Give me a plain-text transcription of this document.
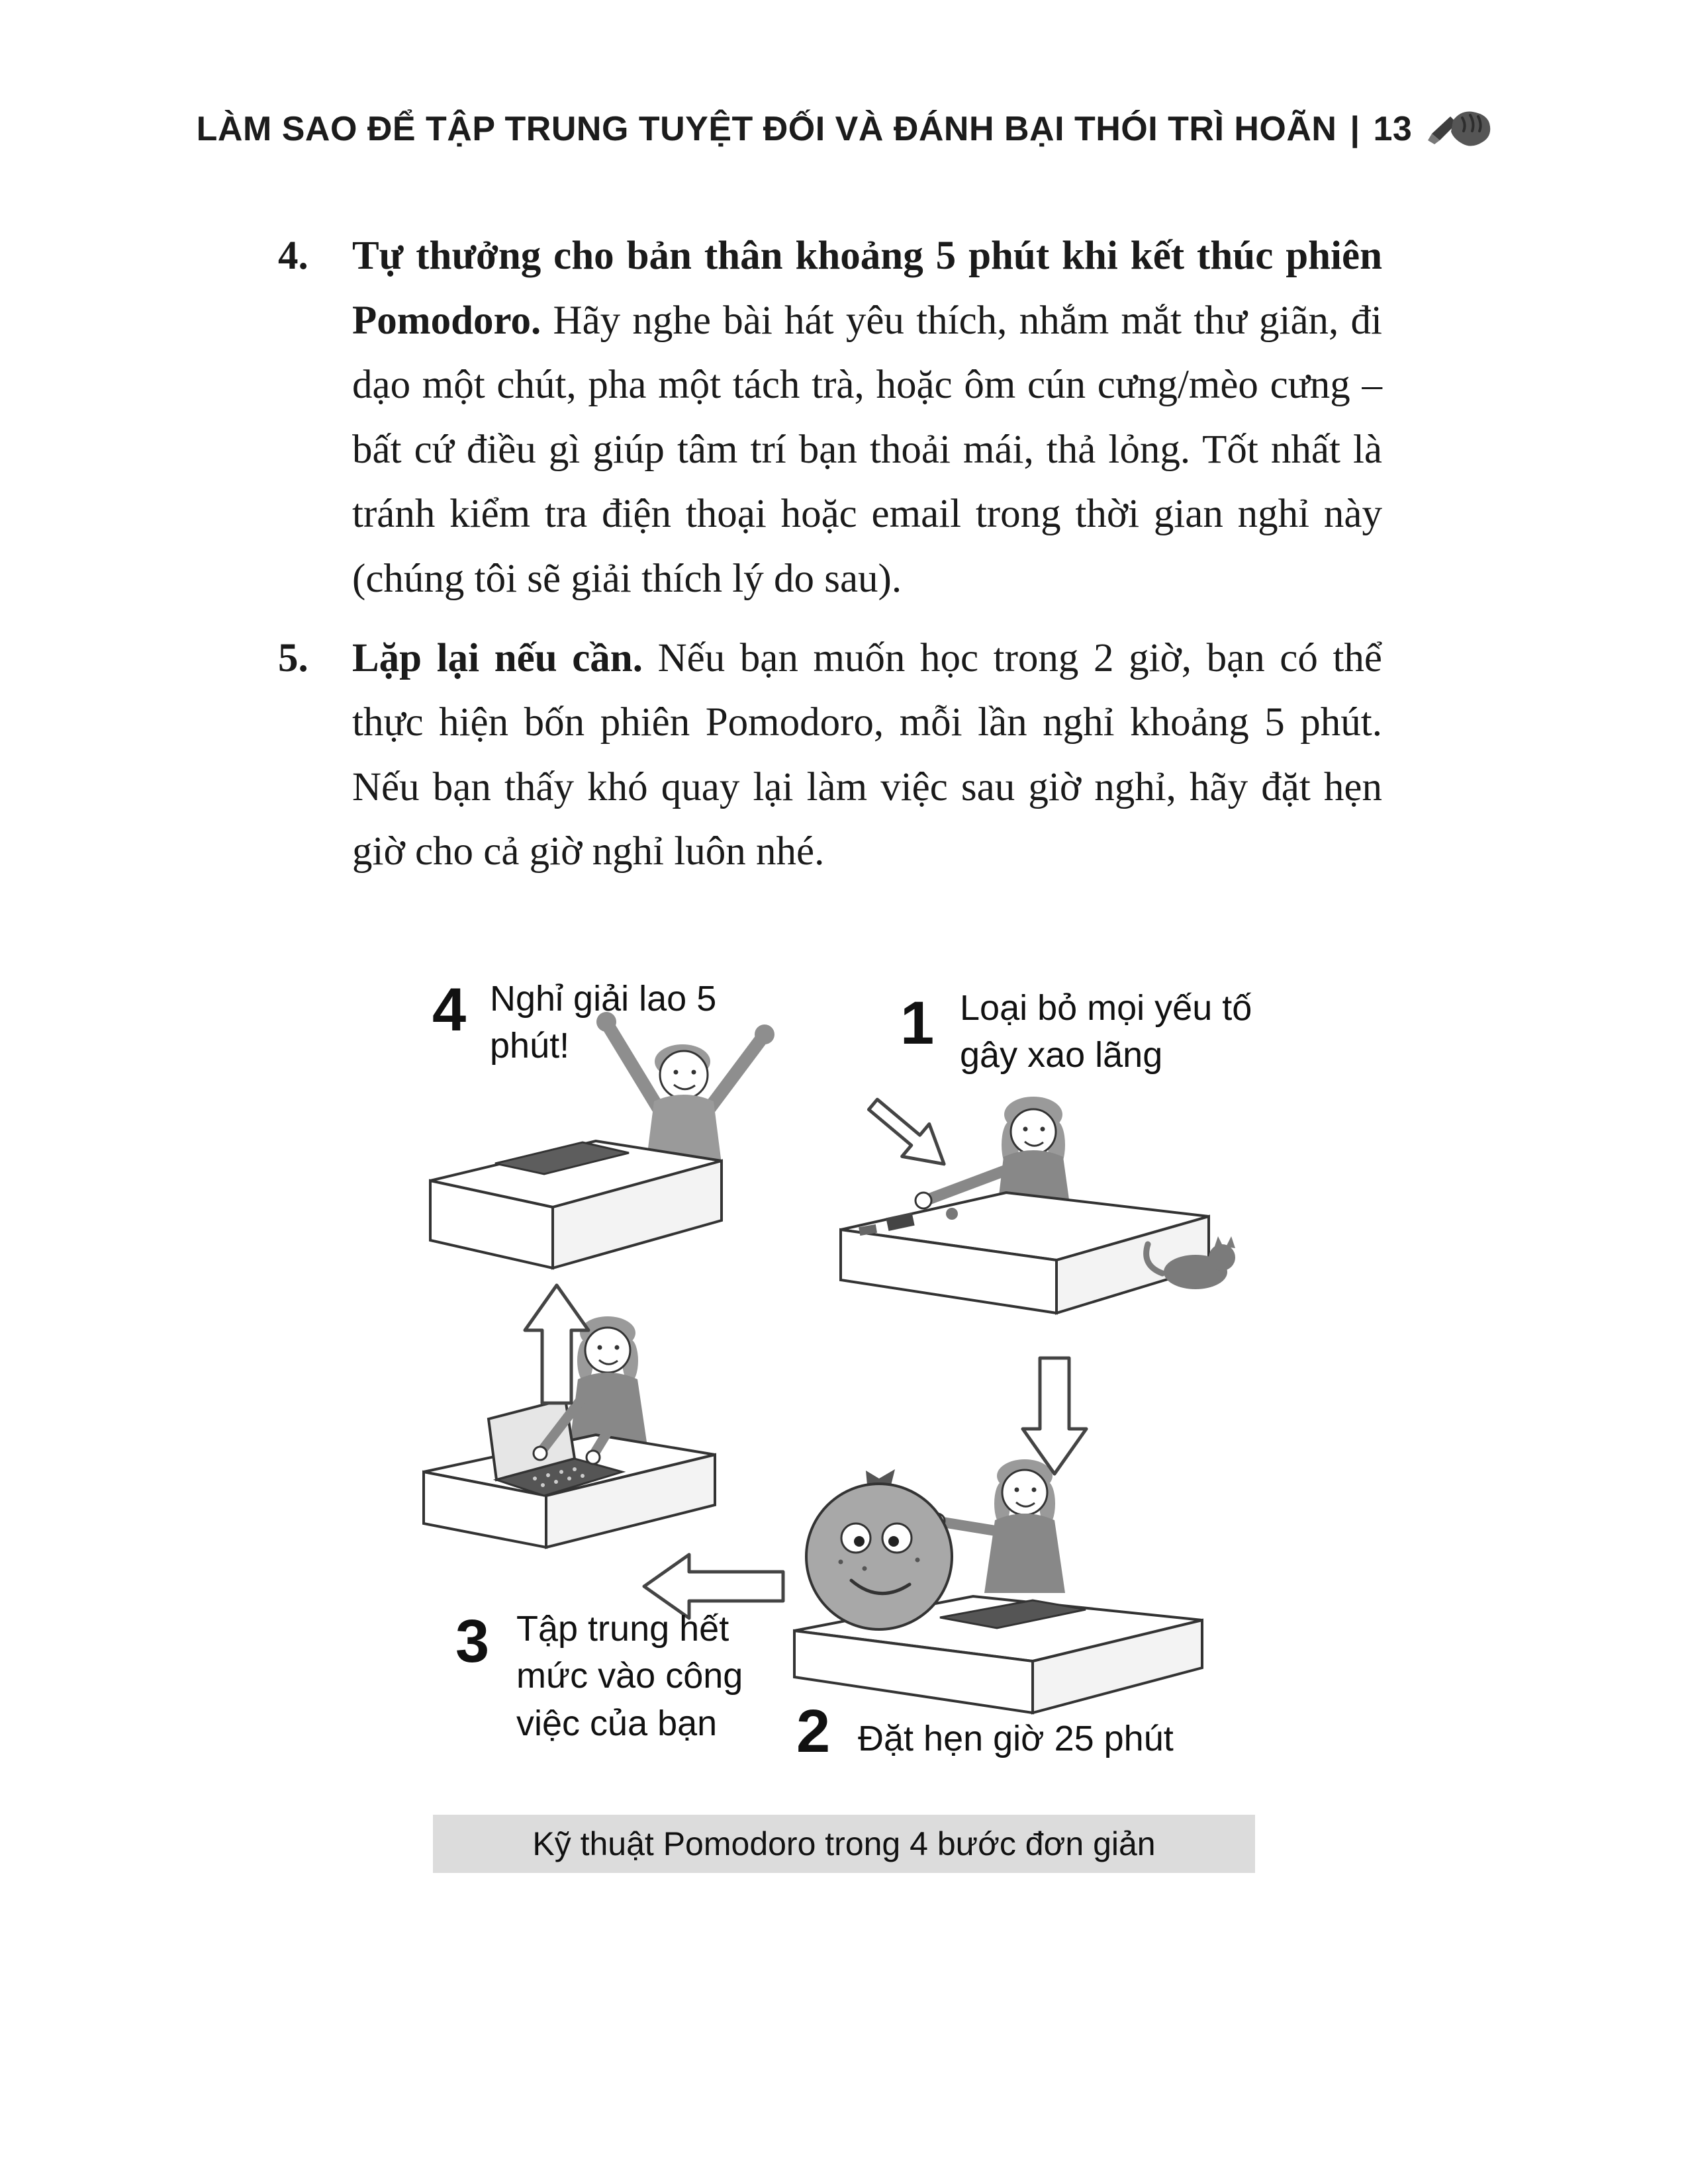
LÀM SAO ĐỂ TẬP TRUNG TUYỆT ĐỐI VÀ ĐÁNH BẠI THÓI TRÌ HOÃN | 13
4.	Tự thưởng cho bản thân khoảng 5 phút khi kết thúc phiên Pomodoro. Hãy nghe bài hát yêu thích, nhắm mắt thư giãn, đi dạo một chút, pha một tách trà, hoặc ôm cún cưng/mèo cưng – bất cứ điều gì giúp tâm trí bạn thoải mái, thả lỏng. Tốt nhất là tránh kiểm tra điện thoại hoặc email trong thời gian nghỉ này (chúng tôi sẽ giải thích lý do sau).
5.	Lặp lại nếu cần. Nếu bạn muốn học trong 2 giờ, bạn có thể thực hiện bốn phiên Pomodoro, mỗi lần nghỉ khoảng 5 phút. Nếu bạn thấy khó quay lại làm việc sau giờ nghỉ, hãy đặt hẹn giờ cho cả giờ nghỉ luôn nhé.
4 Nghỉ giải lao 5 phút!	1 Loại bỏ mọi yếu tố gây xao lãng
3 Tập trung hết mức vào công việc của bạn	2 Đặt hẹn giờ 25 phút
Kỹ thuật Pomodoro trong 4 bước đơn giản
